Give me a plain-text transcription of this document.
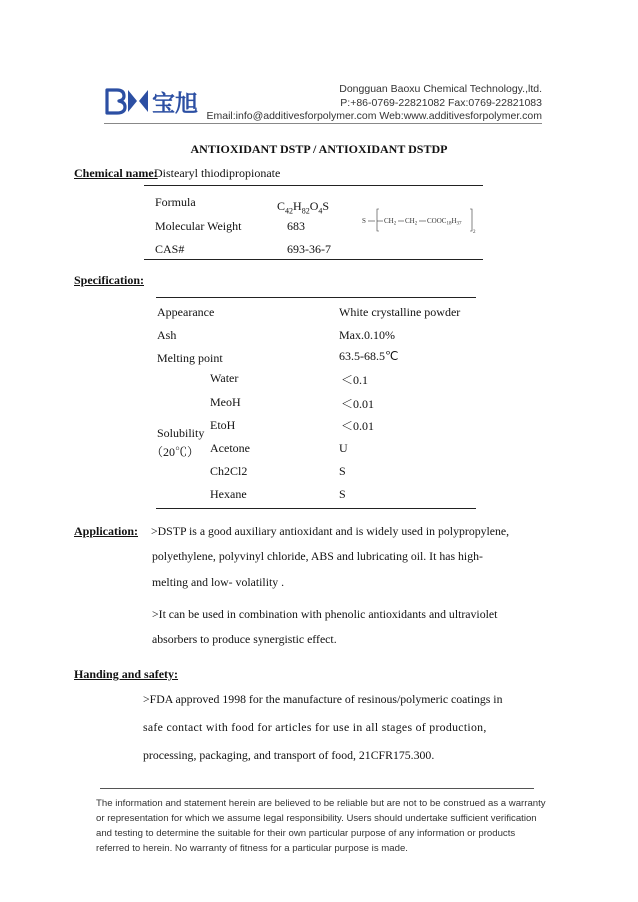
宝旭
Dongguan Baoxu Chemical Technology.,ltd.
P:+86-0769-22821082 Fax:0769-22821083
Email:info@additivesforpolymer.com Web:www.additivesforpolymer.com
ANTIOXIDANT DSTP / ANTIOXIDANT DSTDP
Chemical name:
Distearyl thiodipropionate
Formula	$C_{42}H_{82}O_4S$
S	$CH_2$ $CH_2$ $COOC_{18}H_{37}$
2
Molecular Weight	683
CAS#	693-36-7
Specification:
Appearance	White crystalline powder
Ash	Max.0.10%
Melting point	63.5-68.5℃
Solubility
（20℃）
Water	＜0.1
MeoH	＜0.01
EtoH	＜0.01
Acetone	U
Ch2Cl2	S
Hexane	S
Application: >DSTP is a good auxiliary antioxidant and is widely used in polypropylene,
polyethylene, polyvinyl chloride, ABS and lubricating oil. It has high-
melting and low- volatility .
>It can be used in combination with phenolic antioxidants and ultraviolet
absorbers to produce synergistic effect.
Handing and safety:
>FDA approved 1998 for the manufacture of resinous/polymeric coatings in
safe contact with food for articles for use in all stages of production,
processing, packaging, and transport of food, 21CFR175.300.
The information and statement herein are believed to be reliable but are not to be construed as a warranty
or representation for which we assume legal responsibility. Users should undertake sufficient verification
and testing to determine the suitable for their own particular purpose of any information or products
referred to herein. No warranty of fitness for a particular purpose is made.
